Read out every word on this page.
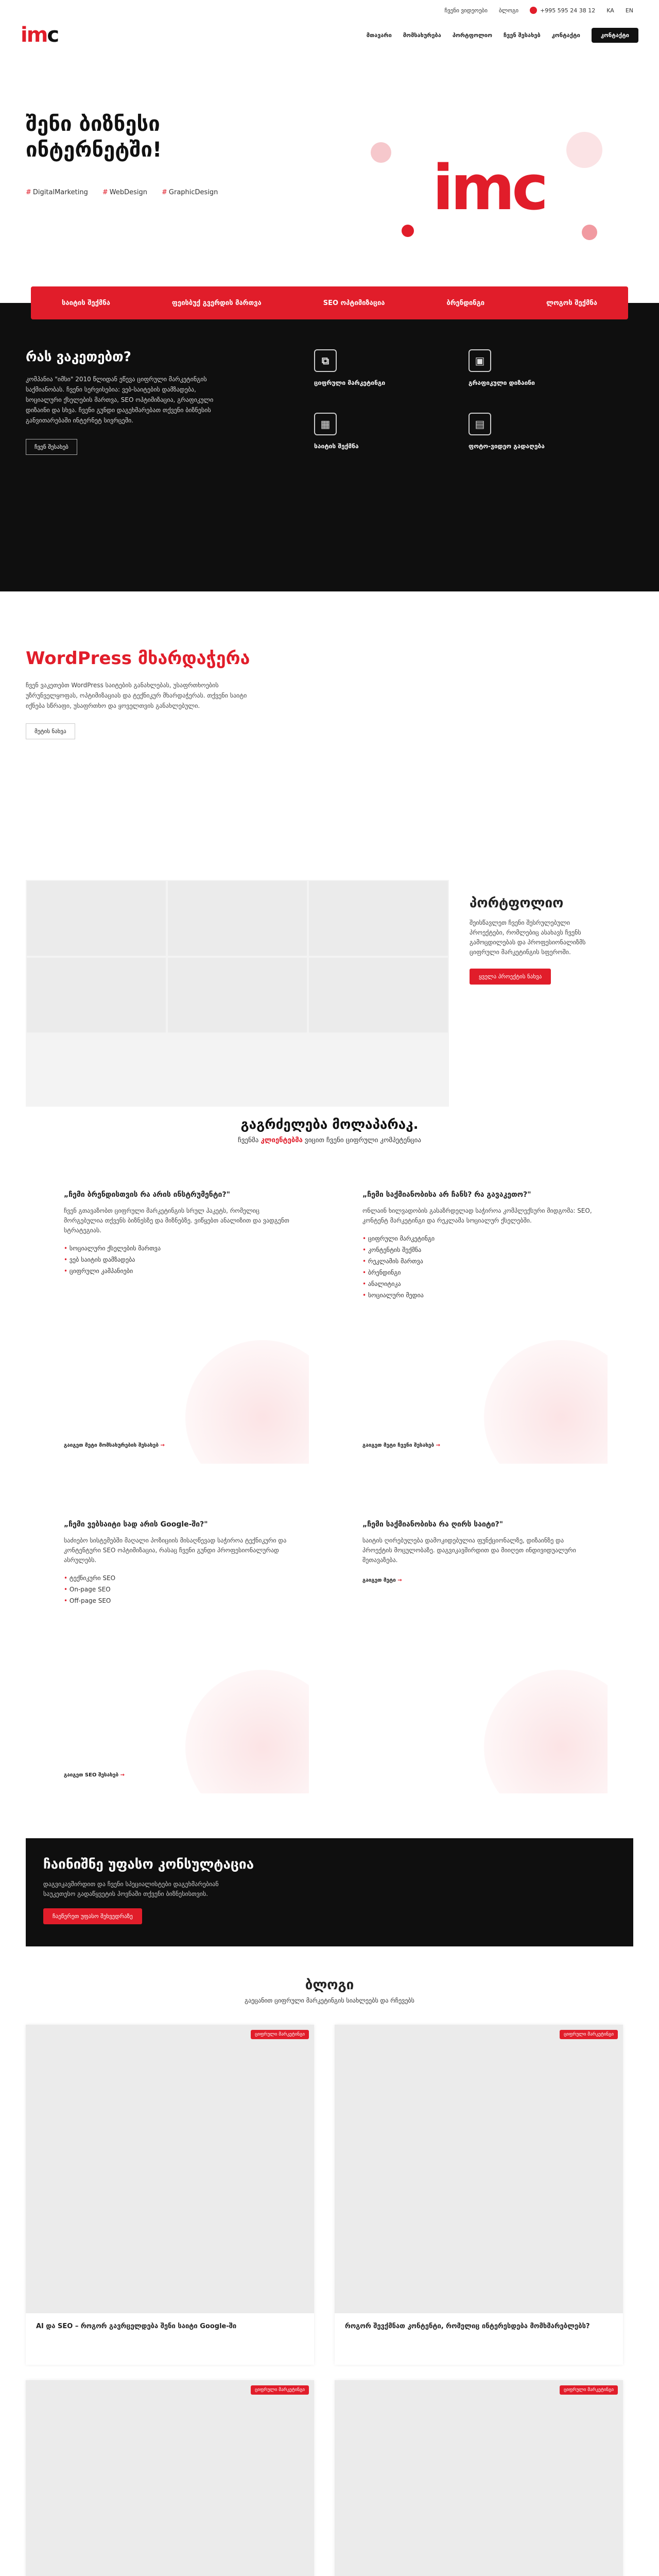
ჩვენი ვიდეოები ბლოგი	+995 595 24 38 12 KA EN
im c	მთავარი მომსახურება პორტფოლიო ჩვენ შესახებ კონტაქტი	კონტაქტი
შენი ბიზნესი
ინტერნეტში!
# DigitalMarketing	# WebDesign	# GraphicDesign	imc
საიტის შექმნა	ფეისბუქ გვერდის მართვა	SEO ოპტიმიზაცია	ბრენდინგი	ლოგოს შექმნა
რას ვაკეთებთ?

კომპანია "იმსი" 2010 წლიდან ეწევა ციფრული მარკეტინგის საქმიანობას. ჩვენი სერვისებია: ვებ-საიტების დამზადება, სოციალური ქსელების მართვა, SEO ოპტიმიზაცია, გრაფიკული დიზაინი და სხვა. ჩვენი გუნდი დაგეხმარებათ თქვენი ბიზნესის განვითარებაში ინტერნეტ სივრცეში.

ჩვენ შესახებ
⧉
ციფრული მარკეტინგი
▣
გრაფიკული დიზაინი
▦
საიტის შექმნა
▤
ფოტო-ვიდეო გადაღება
WordPress მხარდაჭერა

ჩვენ ვაკეთებთ WordPress საიტების განახლებას, უსაფრთხოების უზრუნველყოფას, ოპტიმიზაციას და ტექნიკურ მხარდაჭერას. თქვენი საიტი იქნება სწრაფი, უსაფრთხო და ყოველთვის განახლებული.

მეტის ნახვა
პორტფოლიო

შეისწავლეთ ჩვენი შესრულებული პროექტები, რომლებიც ასახავს ჩვენს გამოცდილებას და პროფესიონალიზმს ციფრული მარკეტინგის სფეროში.

ყველა პროექტის ნახვა
გაგრძელება მოლაპარაკ.
ჩვენმა კლიენტებმა ვიცით ჩვენი ციფრული კომპეტენცია
„ჩემი ბრენდისთვის რა არის ინსტრუმენტი?"

ჩვენ გთავაზობთ ციფრული მარკეტინგის სრულ პაკეტს, რომელიც მორგებულია თქვენს ბიზნესზე და მიზნებზე. ვიწყებთ ანალიზით და ვადგენთ სტრატეგიას.

• სოციალური ქსელების მართვა
• ვებ საიტის დამზადება
• ციფრული კამპანიები
გაიგეთ მეტი მომსახურების შესახებ →
„ჩემი საქმიანობისა არ ჩანს? რა გავაკეთო?"

ონლაინ ხილვადობის გასაზრდელად საჭიროა კომპლექსური მიდგომა: SEO, კონტენტ მარკეტინგი და რეკლამა სოციალურ ქსელებში.

• ციფრული მარკეტინგი
• კონტენტის შექმნა
• რეკლამის მართვა
• ბრენდინგი
• ანალიტიკა
• სოციალური მედია
გაიგეთ მეტი ჩვენი შესახებ →
„ჩემი ვებსაიტი სად არის Google-ში?"

საძიებო სისტემებში მაღალი პოზიციის მისაღწევად საჭიროა ტექნიკური და კონტენტური SEO ოპტიმიზაცია, რასაც ჩვენი გუნდი პროფესიონალურად ასრულებს.

• ტექნიკური SEO
• On-page SEO
• Off-page SEO
გაიგეთ SEO შესახებ →
„ჩემი საქმიანობისა რა ღირს საიტი?"

საიტის ღირებულება დამოკიდებულია ფუნქციონალზე, დიზაინზე და პროექტის მოცულობაზე. დაგვიკავშირდით და მიიღეთ ინდივიდუალური შეთავაზება.

გაიგეთ მეტი →
ჩაინიშნე უფასო კონსულტაცია

დაგვიკავშირდით და ჩვენი სპეციალისტები დაგეხმარებიან საუკეთესო გადაწყვეტის პოვნაში თქვენი ბიზნესისთვის.

ჩაეწერეთ უფასო შეხვედრაზე
ბლოგი
გაეცანით ციფრული მარკეტინგის სიახლეებს და რჩევებს
ციფრული მარკეტინგი
AI და SEO – როგორ გავრცელდება შენი საიტი Google-ში
ციფრული მარკეტინგი
როგორ შევქმნათ კონტენტი, რომელიც ინტერესდება მომხმარებლებს?
ციფრული მარკეტინგი	ციფრული მარკეტინგი
